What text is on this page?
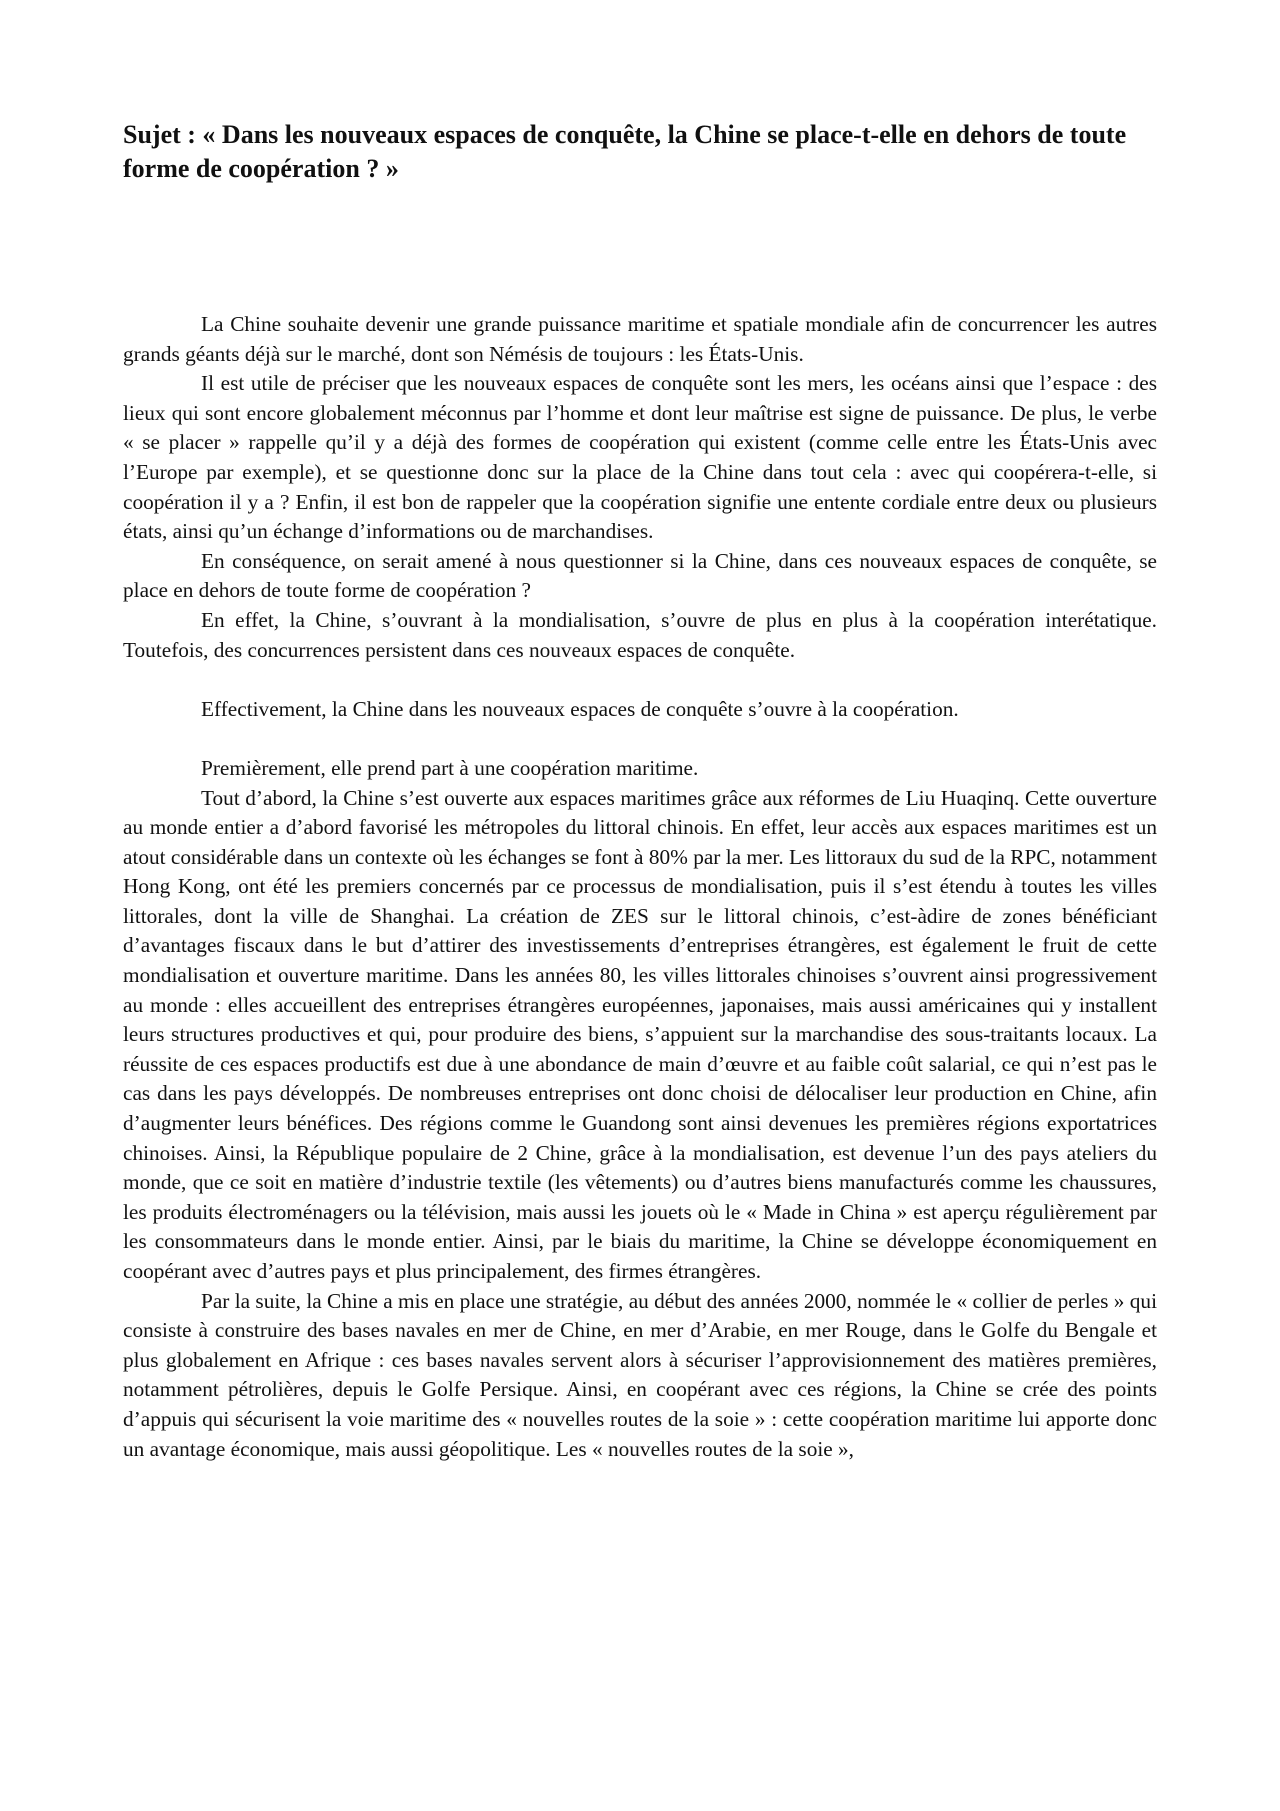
Sujet : « Dans les nouveaux espaces de conquête, la Chine se place-t-elle en dehors de toute forme de coopération ? »

La Chine souhaite devenir une grande puissance maritime et spatiale mondiale afin de concurrencer les autres grands géants déjà sur le marché, dont son Némésis de toujours : les États-Unis.

Il est utile de préciser que les nouveaux espaces de conquête sont les mers, les océans ainsi que l’espace : des lieux qui sont encore globalement méconnus par l’homme et dont leur maîtrise est signe de puissance. De plus, le verbe « se placer » rappelle qu’il y a déjà des formes de coopération qui existent (comme celle entre les États-Unis avec l’Europe par exemple), et se questionne donc sur la place de la Chine dans tout cela : avec qui coopérera-t-elle, si coopération il y a ? Enfin, il est bon de rappeler que la coopération signifie une entente cordiale entre deux ou plusieurs états, ainsi qu’un échange d’informations ou de marchandises.

En conséquence, on serait amené à nous questionner si la Chine, dans ces nouveaux espaces de conquête, se place en dehors de toute forme de coopération ?

En effet, la Chine, s’ouvrant à la mondialisation, s’ouvre de plus en plus à la coopération interétatique. Toutefois, des concurrences persistent dans ces nouveaux espaces de conquête.

Effectivement, la Chine dans les nouveaux espaces de conquête s’ouvre à la coopération.

Premièrement, elle prend part à une coopération maritime.

Tout d’abord, la Chine s’est ouverte aux espaces maritimes grâce aux réformes de Liu Huaqinq. Cette ouverture au monde entier a d’abord favorisé les métropoles du littoral chinois. En effet, leur accès aux espaces maritimes est un atout considérable dans un contexte où les échanges se font à 80% par la mer. Les littoraux du sud de la RPC, notamment Hong Kong, ont été les premiers concernés par ce processus de mondialisation, puis il s’est étendu à toutes les villes littorales, dont la ville de Shanghai. La création de ZES sur le littoral chinois, c’est-àdire de zones bénéficiant d’avantages fiscaux dans le but d’attirer des investissements d’entreprises étrangères, est également le fruit de cette mondialisation et ouverture maritime. Dans les années 80, les villes littorales chinoises s’ouvrent ainsi progressivement au monde : elles accueillent des entreprises étrangères européennes, japonaises, mais aussi américaines qui y installent leurs structures productives et qui, pour produire des biens, s’appuient sur la marchandise des sous-traitants locaux. La réussite de ces espaces productifs est due à une abondance de main d’œuvre et au faible coût salarial, ce qui n’est pas le cas dans les pays développés. De nombreuses entreprises ont donc choisi de délocaliser leur production en Chine, afin d’augmenter leurs bénéfices. Des régions comme le Guandong sont ainsi devenues les premières régions exportatrices chinoises. Ainsi, la République populaire de 2 Chine, grâce à la mondialisation, est devenue l’un des pays ateliers du monde, que ce soit en matière d’industrie textile (les vêtements) ou d’autres biens manufacturés comme les chaussures, les produits électroménagers ou la télévision, mais aussi les jouets où le « Made in China » est aperçu régulièrement par les consommateurs dans le monde entier. Ainsi, par le biais du maritime, la Chine se développe économiquement en coopérant avec d’autres pays et plus principalement, des firmes étrangères.

Par la suite, la Chine a mis en place une stratégie, au début des années 2000, nommée le « collier de perles » qui consiste à construire des bases navales en mer de Chine, en mer d’Arabie, en mer Rouge, dans le Golfe du Bengale et plus globalement en Afrique : ces bases navales servent alors à sécuriser l’approvisionnement des matières premières, notamment pétrolières, depuis le Golfe Persique. Ainsi, en coopérant avec ces régions, la Chine se crée des points d’appuis qui sécurisent la voie maritime des « nouvelles routes de la soie » : cette coopération maritime lui apporte donc un avantage économique, mais aussi géopolitique. Les « nouvelles routes de la soie »,
